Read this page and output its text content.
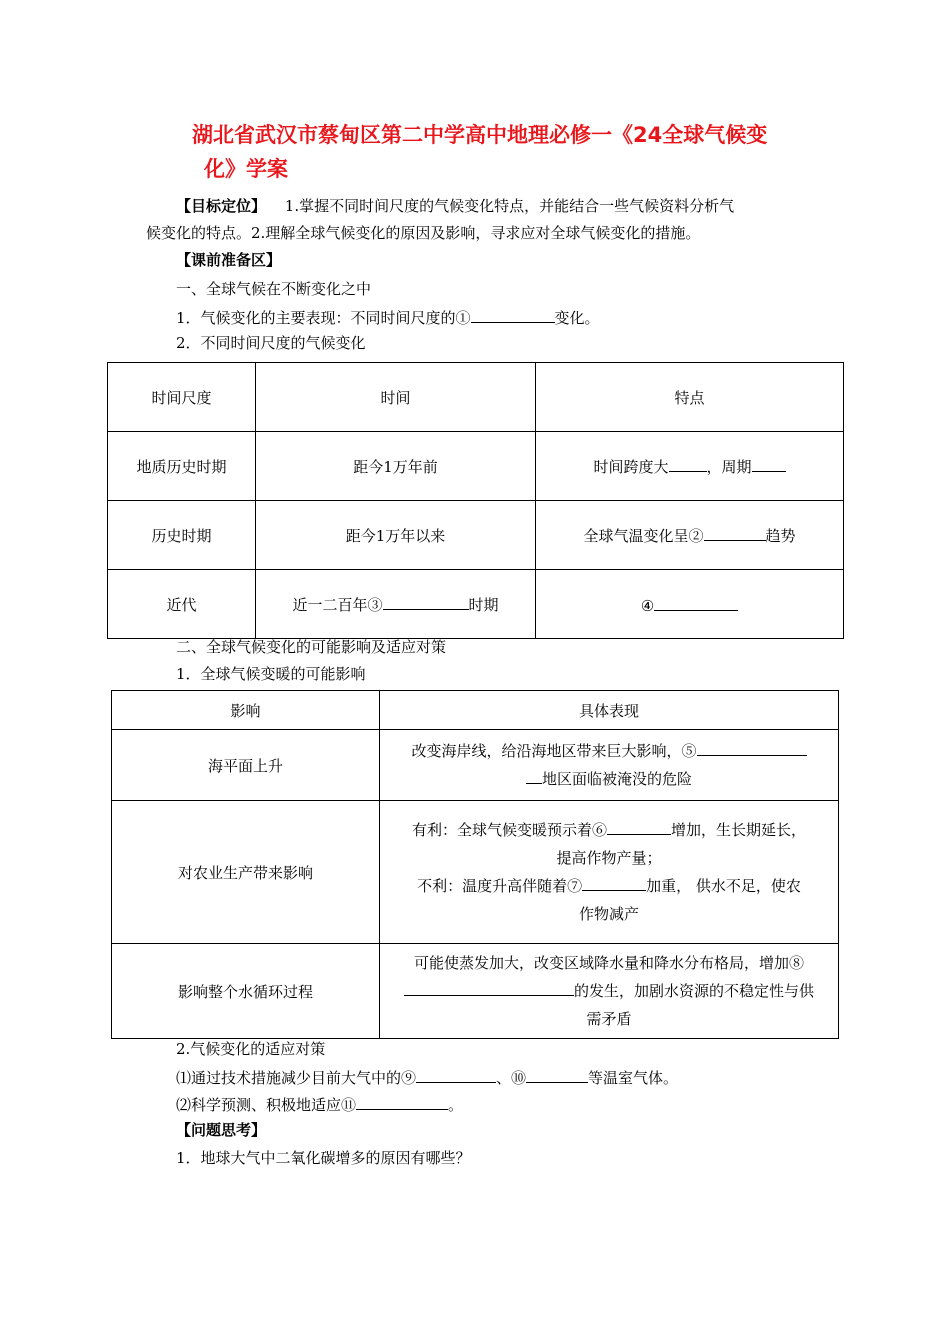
湖北省武汉市蔡甸区第二中学高中地理必修一《24全球气候变
化》学案
【目标定位】 1.掌握不同时间尺度的气候变化特点，并能结合一些气候资料分析气
候变化的特点。2.理解全球气候变化的原因及影响，寻求应对全球气候变化的措施。
【课前准备区】
一、全球气候在不断变化之中
1．气候变化的主要表现：不同时间尺度的①	变化。
2．不同时间尺度的气候变化
时间尺度	时间	特点
地质历史时期	距今1万年前	时间跨度大 ，周期
历史时期	距今1万年以来	全球气温变化呈② 趋势
近代	近一二百年③ 时期	④
二、全球气候变化的可能影响及适应对策
1．全球气候变暖的可能影响
影响	具体表现
海平面上升	改变海岸线，给沿海地区带来巨大影响，⑤
地区面临被淹没的危险

对农业生产带来影响	有利：全球气候变暖预示着⑥ 增加，生长期延长，
提高作物产量；
不利：温度升高伴随着⑦ 加重， 供水不足，使农
作物减产

影响整个水循环过程	可能使蒸发加大，改变区域降水量和降水分布格局，增加⑧
的发生，加剧水资源的不稳定性与供
需矛盾
2.气候变化的适应对策
⑴通过技术措施减少目前大气中的⑨	、⑩	等温室气体。
⑵科学预测、积极地适应⑪	。
【问题思考】
1．地球大气中二氧化碳增多的原因有哪些？
